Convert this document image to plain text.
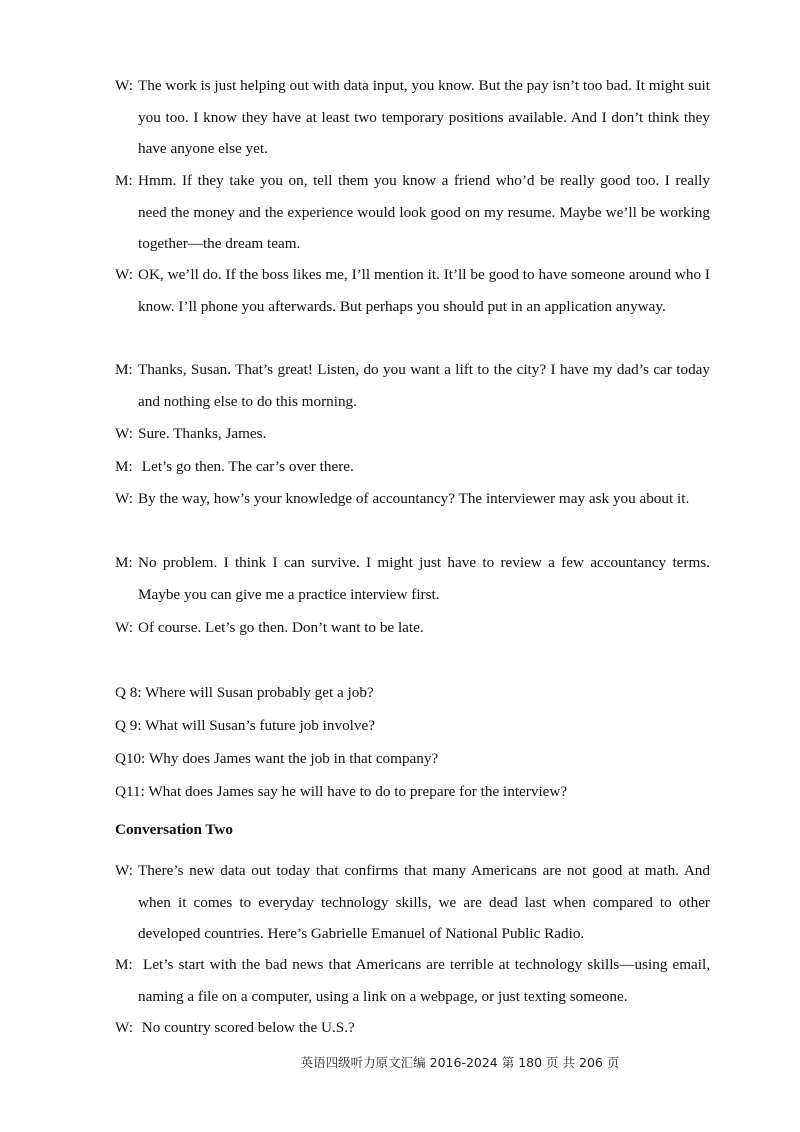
W: The work is just helping out with data input, you know. But the pay isn’t too bad. It might suit you too. I know they have at least two temporary positions available. And I don’t think they have anyone else yet.
M: Hmm. If they take you on, tell them you know a friend who’d be really good too. I really need the money and the experience would look good on my resume. Maybe we’ll be working together—the dream team.
W: OK, we’ll do. If the boss likes me, I’ll mention it. It’ll be good to have someone around who I know. I’ll phone you afterwards. But perhaps you should put in an application anyway.
M: Thanks, Susan. That’s great! Listen, do you want a lift to the city? I have my dad’s car today and nothing else to do this morning.
W: Sure. Thanks, James.
M: Let’s go then. The car’s over there.
W: By the way, how’s your knowledge of accountancy? The interviewer may ask you about it.
M: No problem. I think I can survive. I might just have to review a few accountancy terms. Maybe you can give me a practice interview first.
W: Of course. Let’s go then. Don’t want to be late.
Q 8: Where will Susan probably get a job?
Q 9: What will Susan’s future job involve?
Q10: Why does James want the job in that company?
Q11: What does James say he will have to do to prepare for the interview?
Conversation Two
W: There’s new data out today that confirms that many Americans are not good at math. And when it comes to everyday technology skills, we are dead last when compared to other developed countries. Here’s Gabrielle Emanuel of National Public Radio.
M: Let’s start with the bad news that Americans are terrible at technology skills—using email, naming a file on a computer, using a link on a webpage, or just texting someone.
W: No country scored below the U.S.?
英语四级听力原文汇编 2016-2024 第 180 页 共 206 页
